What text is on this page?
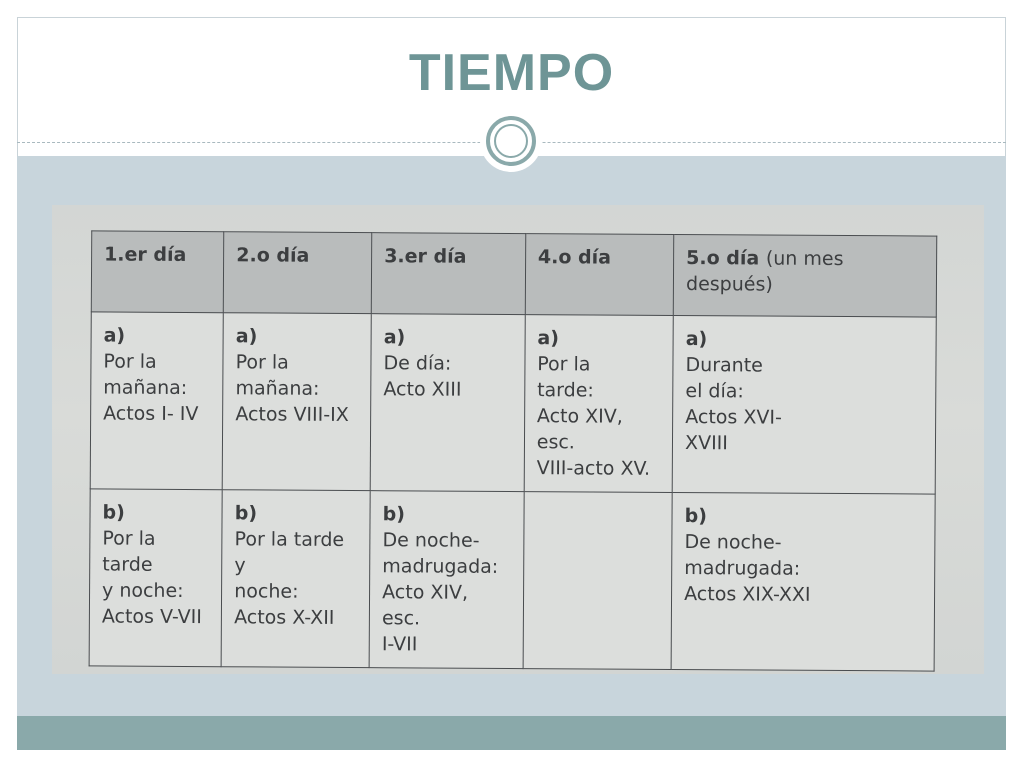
TIEMPO
1.er día	2.o día	3.er día	4.o día	5.o día (un mes después)

a)
Por la
mañana:
Actos I- IV	a)
Por la
mañana:
Actos VIII-IX	a)
De día:
Acto XIII	a)
Por la
tarde:
Acto XIV, esc.
VIII-acto XV.	a)
Durante
el día:
Actos XVI-
XVIII

b)
Por la tarde
y noche:
Actos V-VII	b)
Por la tarde y
noche:
Actos X-XII	b)
De noche-
madrugada:
Acto XIV, esc.
I-VII		b)
De noche-
madrugada:
Actos XIX-XXI
